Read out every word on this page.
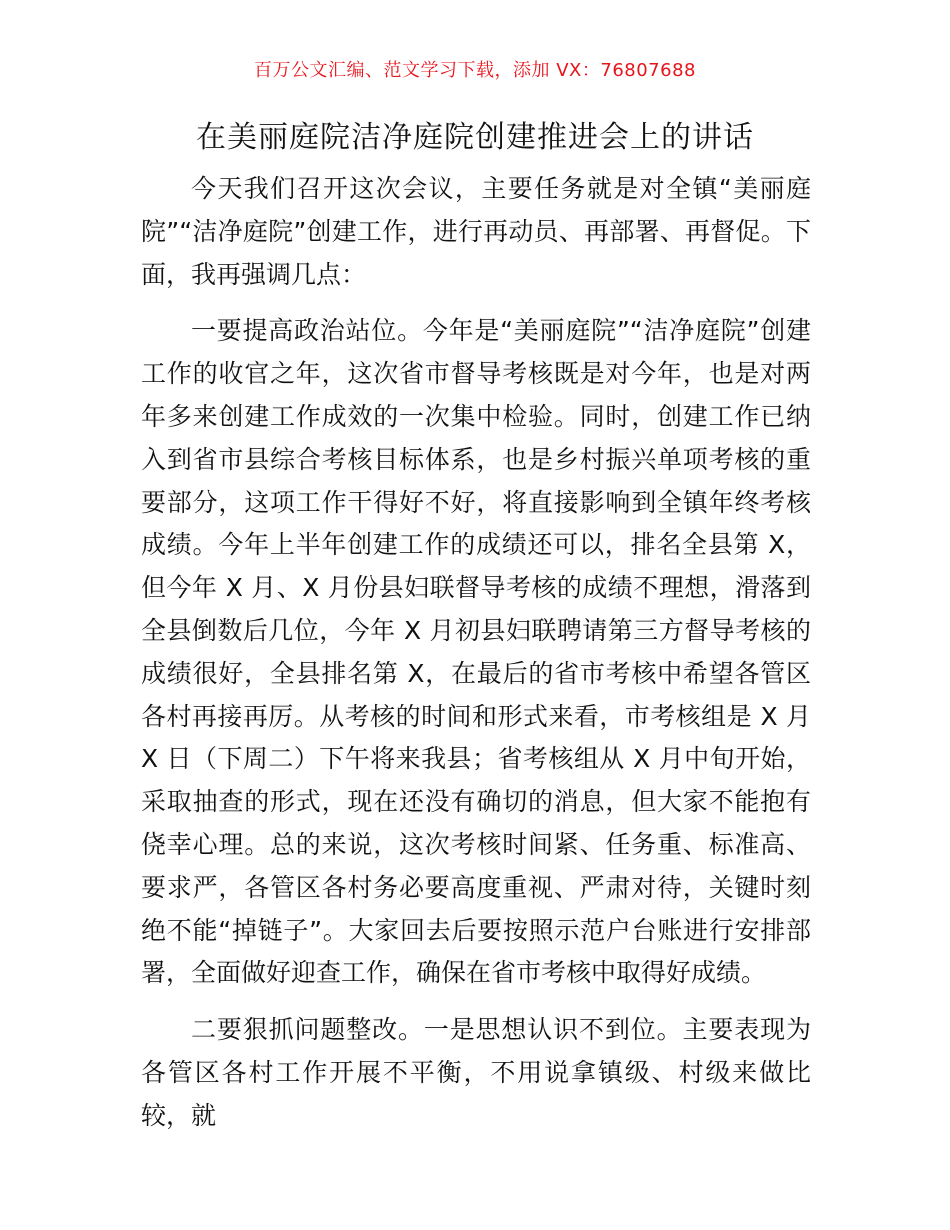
百万公文汇编、范文学习下载，添加 VX：76807688
在美丽庭院洁净庭院创建推进会上的讲话

今天我们召开这次会议，主要任务就是对全镇“美丽庭院”“洁净庭院”创建工作，进行再动员、再部署、再督促。下面，我再强调几点：

一要提高政治站位。今年是“美丽庭院”“洁净庭院”创建工作的收官之年，这次省市督导考核既是对今年，也是对两年多来创建工作成效的一次集中检验。同时，创建工作已纳入到省市县综合考核目标体系，也是乡村振兴单项考核的重要部分，这项工作干得好不好，将直接影响到全镇年终考核成绩。今年上半年创建工作的成绩还可以，排名全县第 X，但今年 X 月、X 月份县妇联督导考核的成绩不理想，滑落到全县倒数后几位，今年 X 月初县妇联聘请第三方督导考核的成绩很好，全县排名第 X，在最后的省市考核中希望各管区各村再接再厉。从考核的时间和形式来看，市考核组是 X 月 X 日（下周二）下午将来我县；省考核组从 X 月中旬开始，采取抽查的形式，现在还没有确切的消息，但大家不能抱有侥幸心理。总的来说，这次考核时间紧、任务重、标准高、要求严，各管区各村务必要高度重视、严肃对待，关键时刻绝不能“掉链子”。大家回去后要按照示范户台账进行安排部署，全面做好迎查工作，确保在省市考核中取得好成绩。

二要狠抓问题整改。一是思想认识不到位。主要表现为各管区各村工作开展不平衡，不用说拿镇级、村级来做比较，就
